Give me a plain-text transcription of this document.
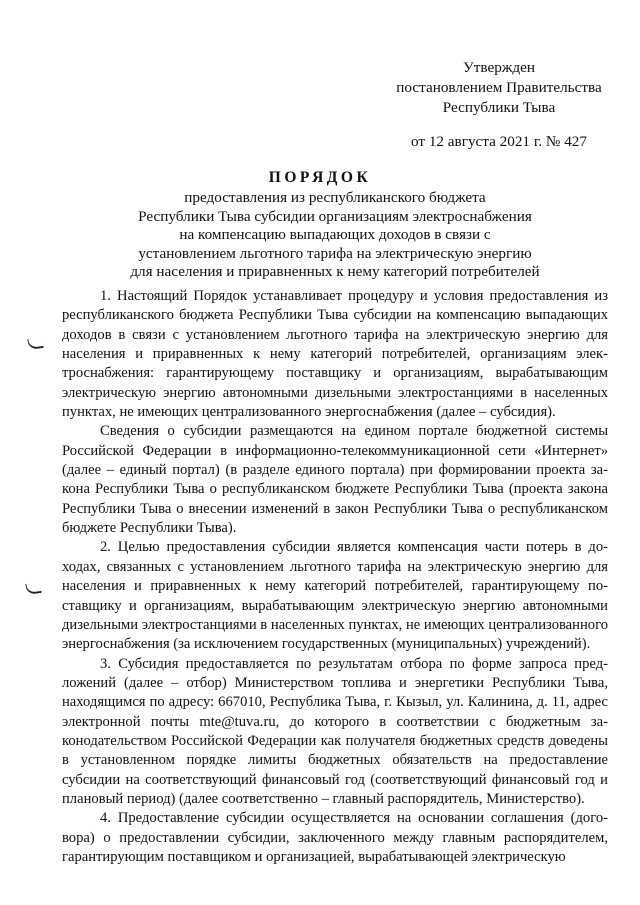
Утвержден
постановлением Правительства
Республики Тыва
от 12 августа 2021 г. № 427
ПОРЯДОК
предоставления из республиканского бюджета
Республики Тыва субсидии организациям электроснабжения
на компенсацию выпадающих доходов в связи с
установлением льготного тарифа на электрическую энергию
для населения и приравненных к нему категорий потребителей

1. Настоящий Порядок устанавливает процедуру и условия предоставления из республиканского бюджета Республики Тыва субсидии на компенсацию выпадающих доходов в связи с установлением льготного тарифа на электрическую энергию для населения и приравненных к нему категорий потребителей, организациям электроснабжения: гарантирующему поставщику и организациям, вырабатывающим электрическую энергию автономными дизельными электростанциями в населенных пунктах, не имеющих централизованного энергоснабжения (далее – субсидия).

Сведения о субсидии размещаются на едином портале бюджетной системы Российской Федерации в информационно-телекоммуникационной сети «Интернет» (далее – единый портал) (в разделе единого портала) при формировании проекта закона Республики Тыва о республиканском бюджете Республики Тыва (проекта закона Республики Тыва о внесении изменений в закон Республики Тыва о республиканском бюджете Республики Тыва).

2. Целью предоставления субсидии является компенсация части потерь в доходах, связанных с установлением льготного тарифа на электрическую энергию для населения и приравненных к нему категорий потребителей, гарантирующему поставщику и организациям, вырабатывающим электрическую энергию автономными дизельными электростанциями в населенных пунктах, не имеющих централизованного энергоснабжения (за исключением государственных (муниципальных) учреждений).

3. Субсидия предоставляется по результатам отбора по форме запроса предложений (далее – отбор) Министерством топлива и энергетики Республики Тыва, находящимся по адресу: 667010, Республика Тыва, г. Кызыл, ул. Калинина, д. 11, адрес электронной почты mte@tuva.ru, до которого в соответствии с бюджетным законодательством Российской Федерации как получателя бюджетных средств доведены в установленном порядке лимиты бюджетных обязательств на предоставление субсидии на соответствующий финансовый год (соответствующий финансовый год и плановый период) (далее соответственно – главный распорядитель, Министерство).

4. Предоставление субсидии осуществляется на основании соглашения (договора) о предоставлении субсидии, заключенного между главным распорядителем, гарантирующим поставщиком и организацией, вырабатывающей электрическую
